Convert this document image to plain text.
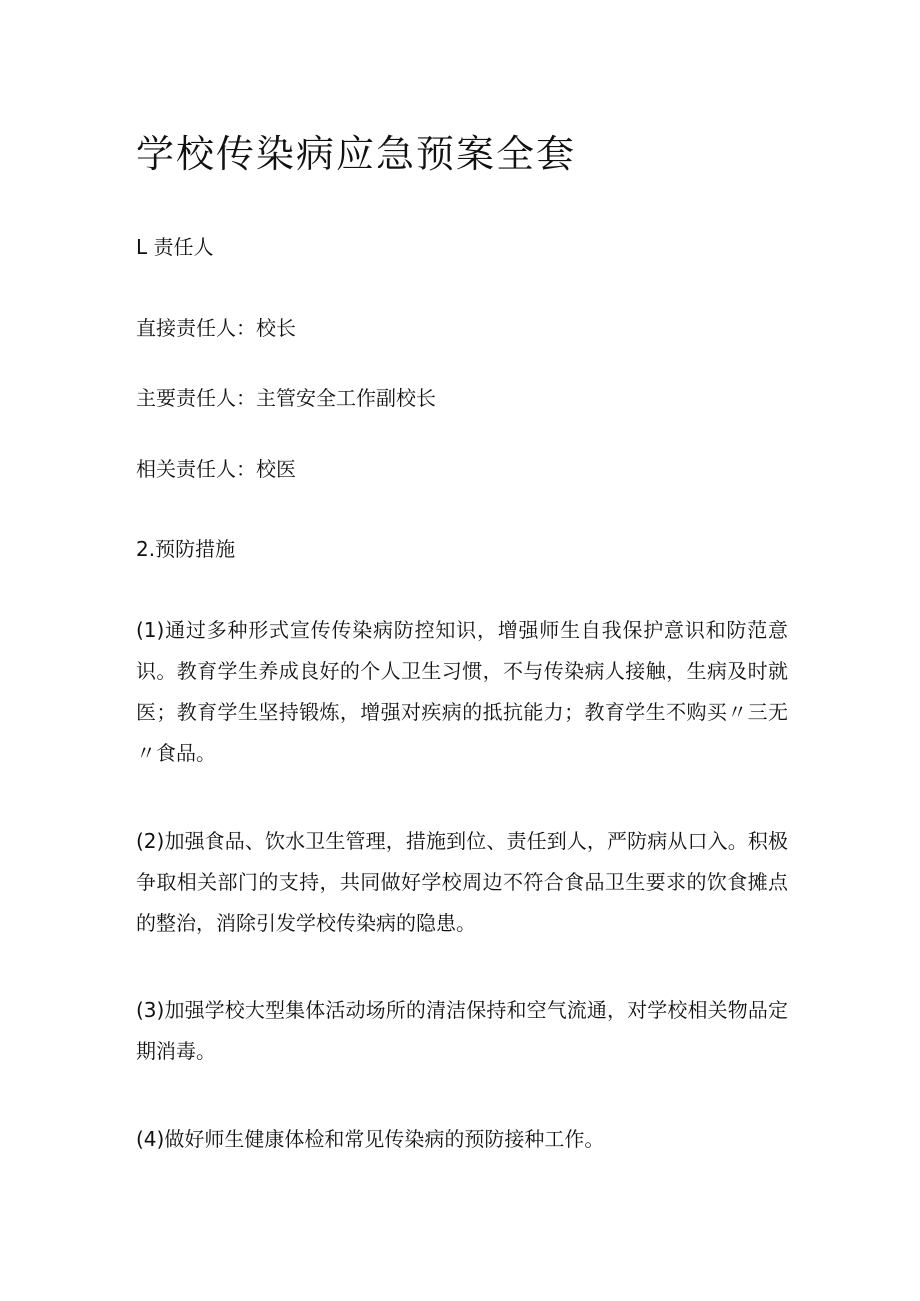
学校传染病应急预案全套

L 责任人

直接责任人：校长

主要责任人：主管安全工作副校长

相关责任人：校医

2.预防措施

(1)通过多种形式宣传传染病防控知识，增强师生自我保护意识和防范意识。教育学生养成良好的个人卫生习惯，不与传染病人接触，生病及时就医；教育学生坚持锻炼，增强对疾病的抵抗能力；教育学生不购买〃三无〃食品。

(2)加强食品、饮水卫生管理，措施到位、责任到人，严防病从口入。积极争取相关部门的支持，共同做好学校周边不符合食品卫生要求的饮食摊点的整治，消除引发学校传染病的隐患。

(3)加强学校大型集体活动场所的清洁保持和空气流通，对学校相关物品定期消毒。

(4)做好师生健康体检和常见传染病的预防接种工作。
